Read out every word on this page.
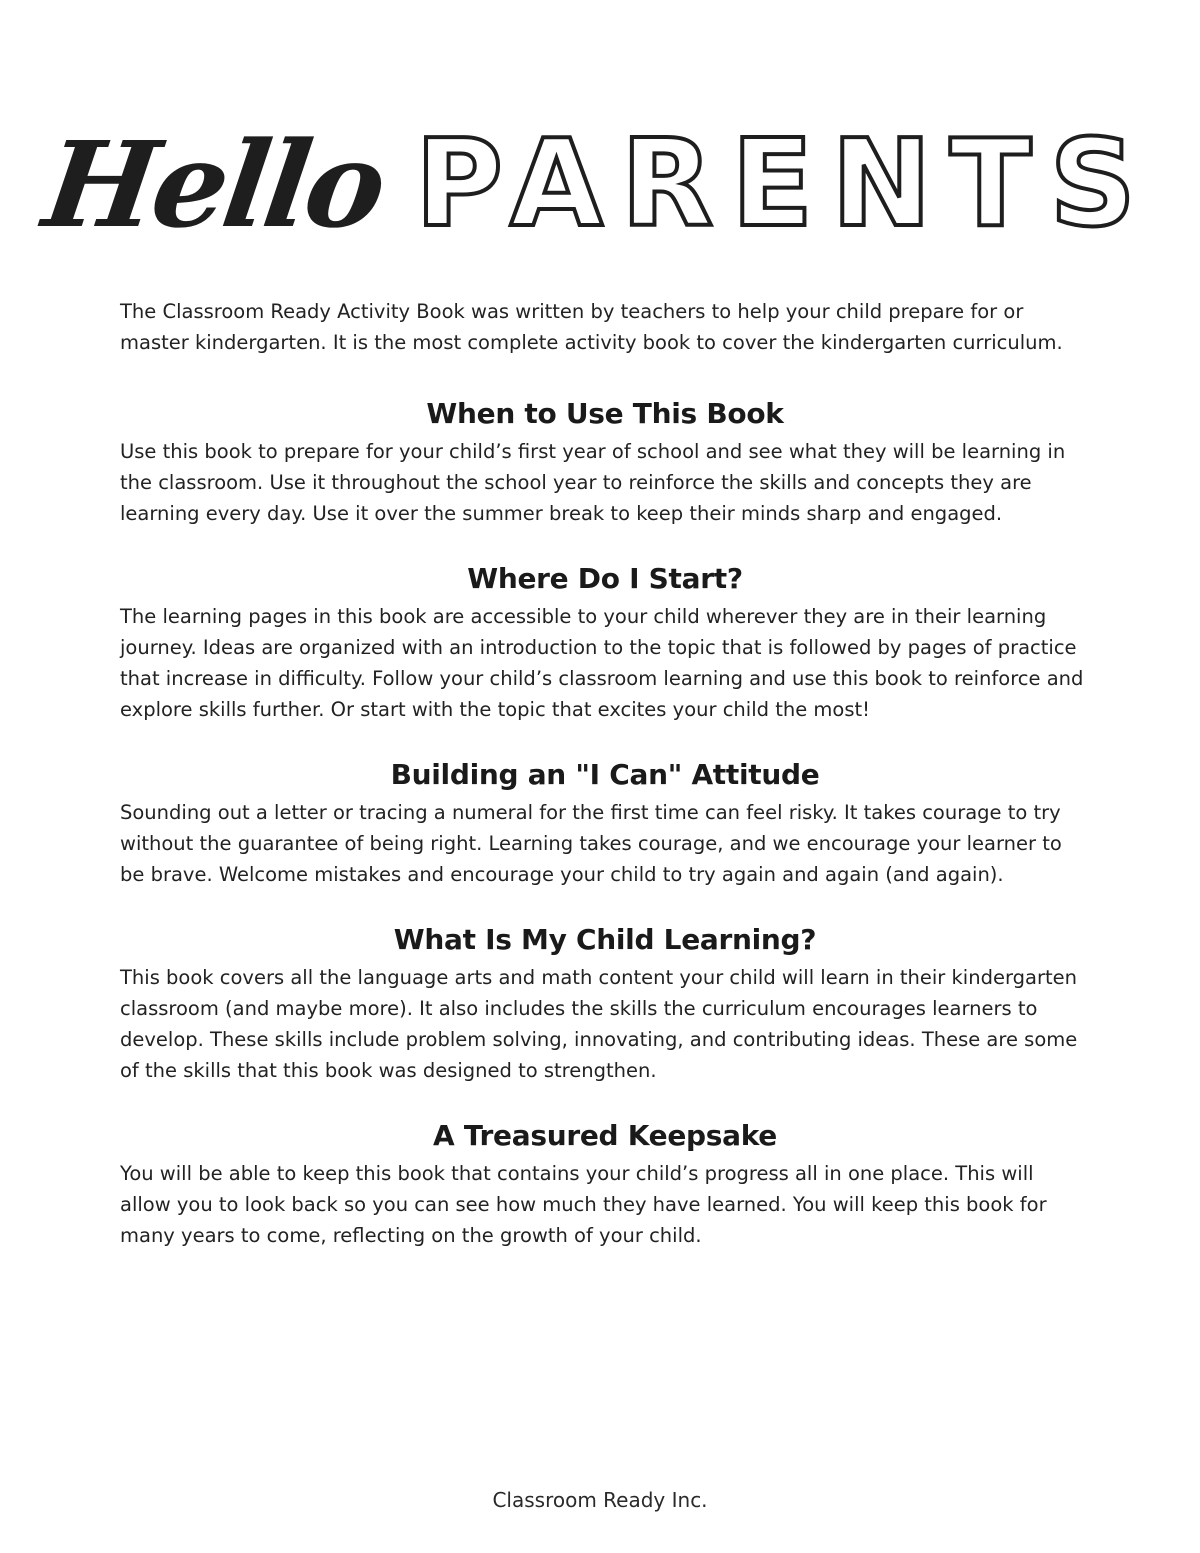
Hello PARENTS

The Classroom Ready Activity Book was written by teachers to help your child prepare for or master kindergarten. It is the most complete activity book to cover the kindergarten curriculum.

When to Use This Book

Use this book to prepare for your child’s first year of school and see what they will be learning in the classroom. Use it throughout the school year to reinforce the skills and concepts they are learning every day. Use it over the summer break to keep their minds sharp and engaged.

Where Do I Start?

The learning pages in this book are accessible to your child wherever they are in their learning journey. Ideas are organized with an introduction to the topic that is followed by pages of practice that increase in difficulty. Follow your child’s classroom learning and use this book to reinforce and explore skills further. Or start with the topic that excites your child the most!

Building an "I Can" Attitude

Sounding out a letter or tracing a numeral for the first time can feel risky. It takes courage to try without the guarantee of being right. Learning takes courage, and we encourage your learner to be brave. Welcome mistakes and encourage your child to try again and again (and again).

What Is My Child Learning?

This book covers all the language arts and math content your child will learn in their kindergarten classroom (and maybe more). It also includes the skills the curriculum encourages learners to develop. These skills include problem solving, innovating, and contributing ideas. These are some of the skills that this book was designed to strengthen.

A Treasured Keepsake

You will be able to keep this book that contains your child’s progress all in one place. This will allow you to look back so you can see how much they have learned. You will keep this book for many years to come, reflecting on the growth of your child.

Classroom Ready Inc.
